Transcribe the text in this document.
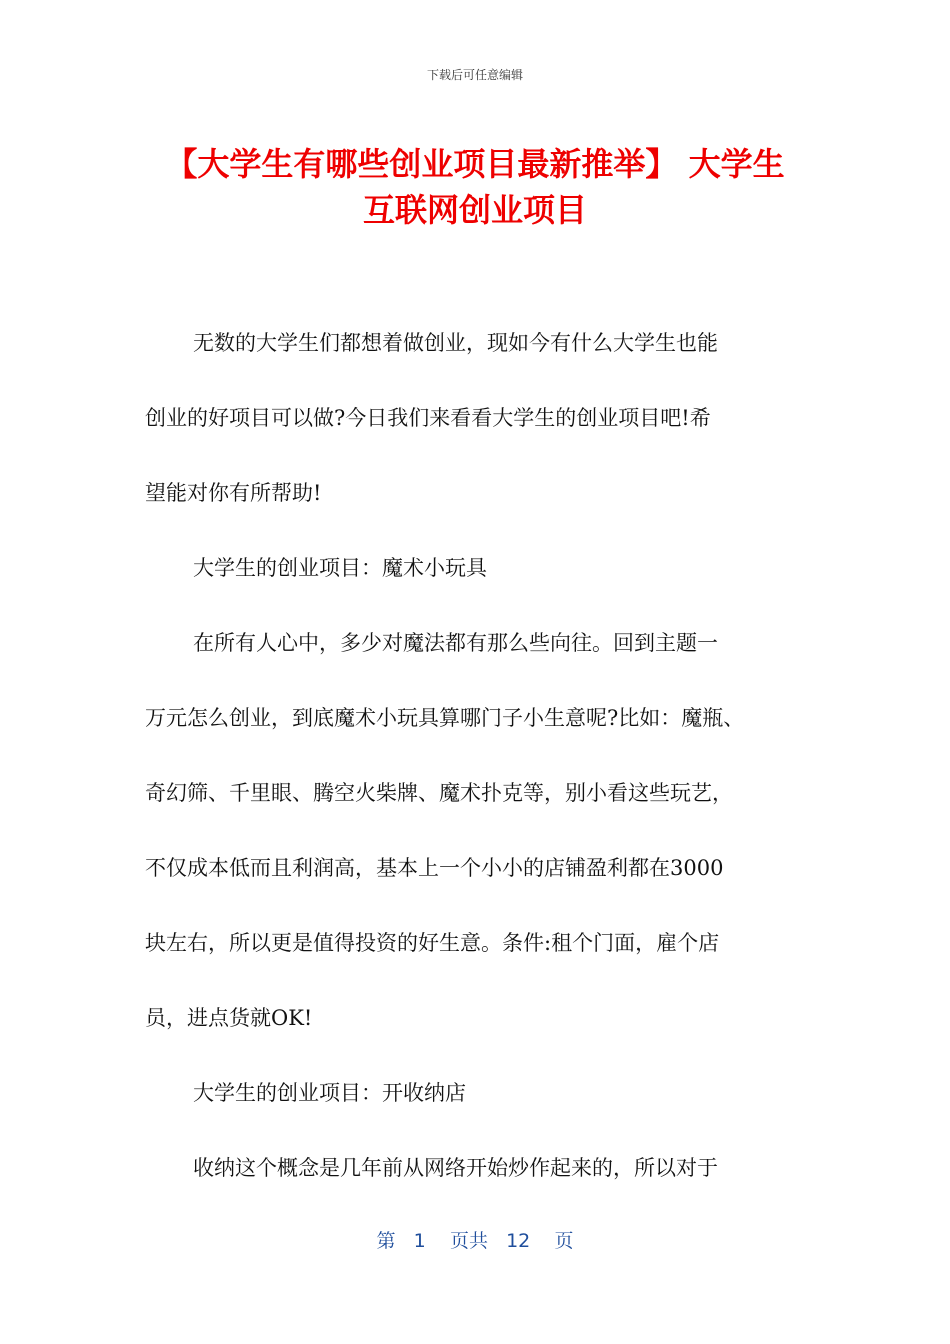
下载后可任意编辑
【大学生有哪些创业项目最新推举】 大学生
互联网创业项目
无数的大学生们都想着做创业，现如今有什么大学生也能
创业的好项目可以做?今日我们来看看大学生的创业项目吧!希
望能对你有所帮助!
大学生的创业项目：魔术小玩具
在所有人心中，多少对魔法都有那么些向往。回到主题一
万元怎么创业，到底魔术小玩具算哪门子小生意呢?比如：魔瓶、
奇幻筛、千里眼、腾空火柴牌、魔术扑克等，别小看这些玩艺，
不仅成本低而且利润高，基本上一个小小的店铺盈利都在3000
块左右，所以更是值得投资的好生意。条件:租个门面，雇个店
员，进点货就OK!
大学生的创业项目：开收纳店
收纳这个概念是几年前从网络开始炒作起来的，所以对于
第 1 页共 12 页
